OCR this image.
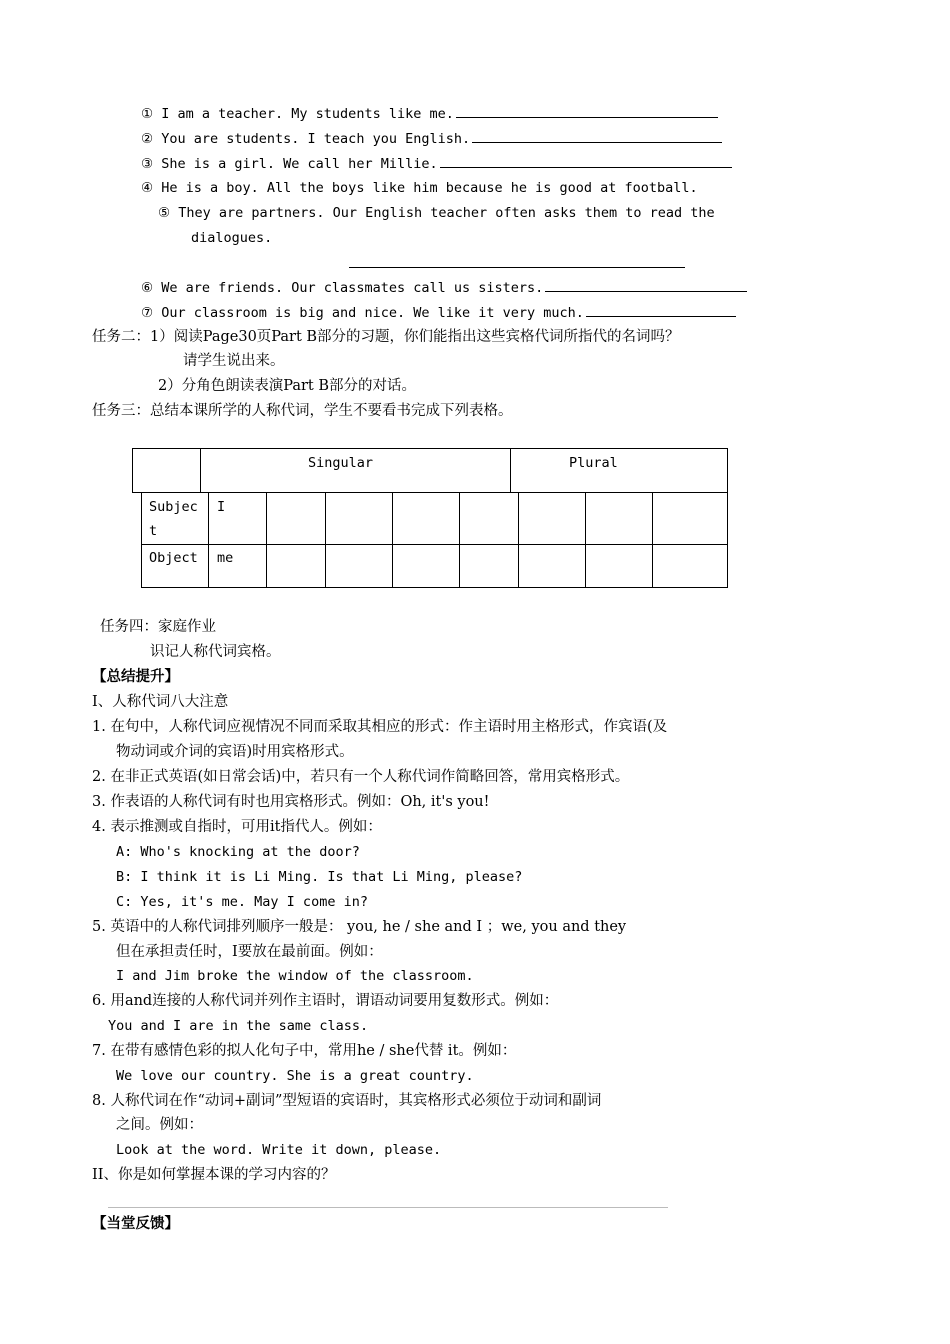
① I am a teacher. My students like me.
② You are students. I teach you English.
③ She is a girl. We call her Millie.
④ He is a boy. All the boys like him because he is good at football.
⑤ They are partners. Our English teacher often asks them to read the
dialogues.
⑥ We are friends. Our classmates call us sisters.
⑦ Our classroom is big and nice. We like it very much.
任务二：1）阅读Page30页Part B部分的习题，你们能指出这些宾格代词所指代的名词吗？
请学生说出来。
2）分角色朗读表演Part B部分的对话。
任务三：总结本课所学的人称代词，学生不要看书完成下列表格。
Singular	Plural
Subjec
t
I
Object me
任务四：家庭作业
识记人称代词宾格。
【总结提升】
I、人称代词八大注意
1. 在句中，人称代词应视情况不同而采取其相应的形式：作主语时用主格形式，作宾语(及
物动词或介词的宾语)时用宾格形式。
2. 在非正式英语(如日常会话)中，若只有一个人称代词作简略回答，常用宾格形式。
3. 作表语的人称代词有时也用宾格形式。例如：Oh, it's you!
4. 表示推测或自指时，可用it指代人。例如：
A: Who's knocking at the door?
B: I think it is Li Ming. Is that Li Ming, please?
C: Yes, it's me. May I come in?
5. 英语中的人称代词排列顺序一般是： you, he / she and I ；we, you and they
但在承担责任时，I要放在最前面。例如：
I and Jim broke the window of the classroom.
6. 用and连接的人称代词并列作主语时，谓语动词要用复数形式。例如：
You and I are in the same class.
7. 在带有感情色彩的拟人化句子中，常用he / she代替 it。例如：
We love our country. She is a great country.
8. 人称代词在作“动词+副词”型短语的宾语时，其宾格形式必须位于动词和副词
之间。例如：
Look at the word. Write it down, please.
II、你是如何掌握本课的学习内容的？
【当堂反馈】
